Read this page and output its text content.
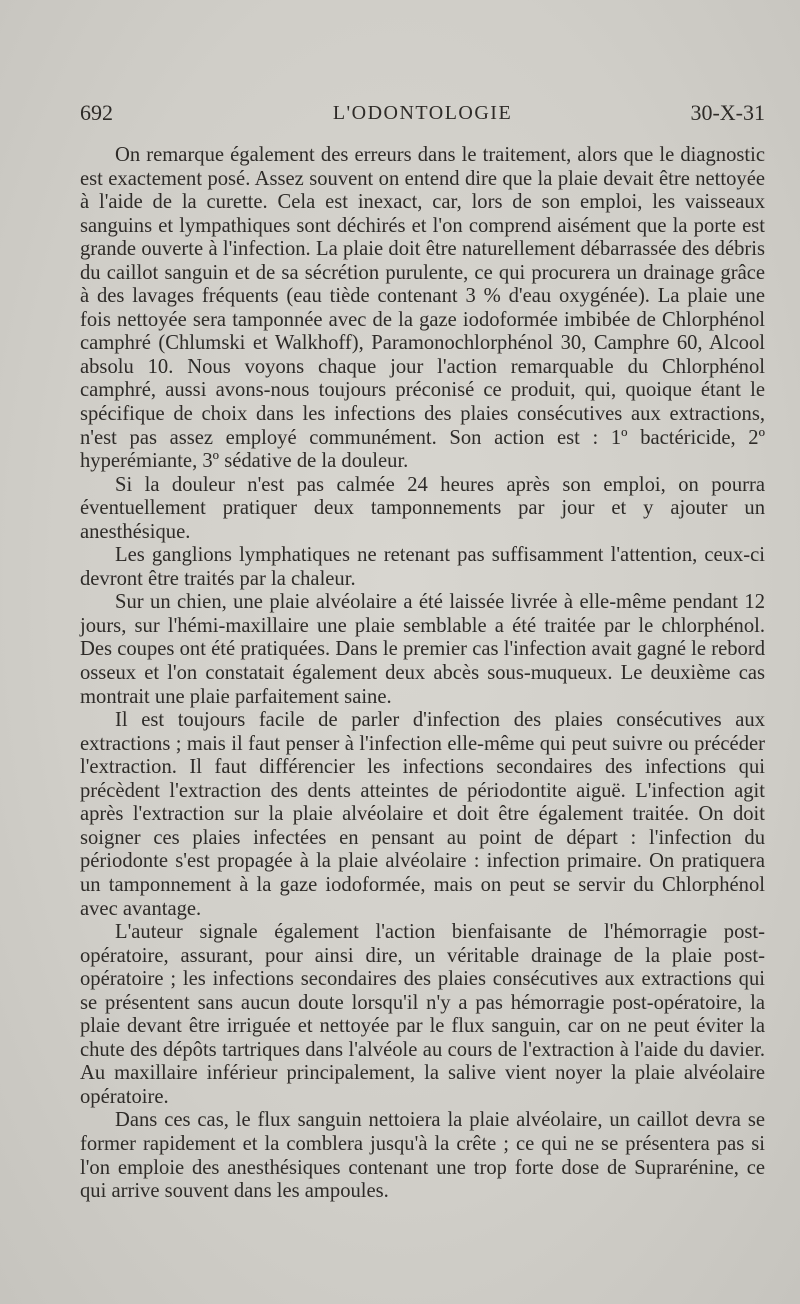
692	L'ODONTOLOGIE	30-X-31

On remarque également des erreurs dans le traitement, alors que le diagnostic est exactement posé. Assez souvent on entend dire que la plaie devait être nettoyée à l'aide de la curette. Cela est inexact, car, lors de son emploi, les vaisseaux sanguins et lympathiques sont déchirés et l'on comprend aisément que la porte est grande ouverte à l'infection. La plaie doit être naturellement débarrassée des débris du caillot sanguin et de sa sécrétion purulente, ce qui procurera un drainage grâce à des lavages fréquents (eau tiède contenant 3 % d'eau oxygénée). La plaie une fois nettoyée sera tamponnée avec de la gaze iodoformée imbibée de Chlorphénol camphré (Chlumski et Walkhoff), Paramonochlorphénol 30, Camphre 60, Alcool absolu 10. Nous voyons chaque jour l'action remarquable du Chlorphénol camphré, aussi avons-nous toujours préconisé ce produit, qui, quoique étant le spécifique de choix dans les infections des plaies consécutives aux extractions, n'est pas assez employé communément. Son action est : 1º bactéricide, 2º hyperémiante, 3º sédative de la douleur.

Si la douleur n'est pas calmée 24 heures après son emploi, on pourra éventuellement pratiquer deux tamponnements par jour et y ajouter un anesthésique.

Les ganglions lymphatiques ne retenant pas suffisamment l'attention, ceux-ci devront être traités par la chaleur.

Sur un chien, une plaie alvéolaire a été laissée livrée à elle-même pendant 12 jours, sur l'hémi-maxillaire une plaie semblable a été traitée par le chlorphénol. Des coupes ont été pratiquées. Dans le premier cas l'infection avait gagné le rebord osseux et l'on constatait également deux abcès sous-muqueux. Le deuxième cas montrait une plaie parfaitement saine.

Il est toujours facile de parler d'infection des plaies consécutives aux extractions ; mais il faut penser à l'infection elle-même qui peut suivre ou précéder l'extraction. Il faut différencier les infections secondaires des infections qui précèdent l'extraction des dents atteintes de périodontite aiguë. L'infection agit après l'extraction sur la plaie alvéolaire et doit être également traitée. On doit soigner ces plaies infectées en pensant au point de départ : l'infection du périodonte s'est propagée à la plaie alvéolaire : infection primaire. On pratiquera un tamponnement à la gaze iodoformée, mais on peut se servir du Chlorphénol avec avantage.

L'auteur signale également l'action bienfaisante de l'hémorragie post-opératoire, assurant, pour ainsi dire, un véritable drainage de la plaie post-opératoire ; les infections secondaires des plaies consécutives aux extractions qui se présentent sans aucun doute lorsqu'il n'y a pas hémorragie post-opératoire, la plaie devant être irriguée et nettoyée par le flux sanguin, car on ne peut éviter la chute des dépôts tartriques dans l'alvéole au cours de l'extraction à l'aide du davier. Au maxillaire inférieur principalement, la salive vient noyer la plaie alvéolaire opératoire.

Dans ces cas, le flux sanguin nettoiera la plaie alvéolaire, un caillot devra se former rapidement et la comblera jusqu'à la crête ; ce qui ne se présentera pas si l'on emploie des anesthésiques contenant une trop forte dose de Suprarénine, ce qui arrive souvent dans les ampoules.
